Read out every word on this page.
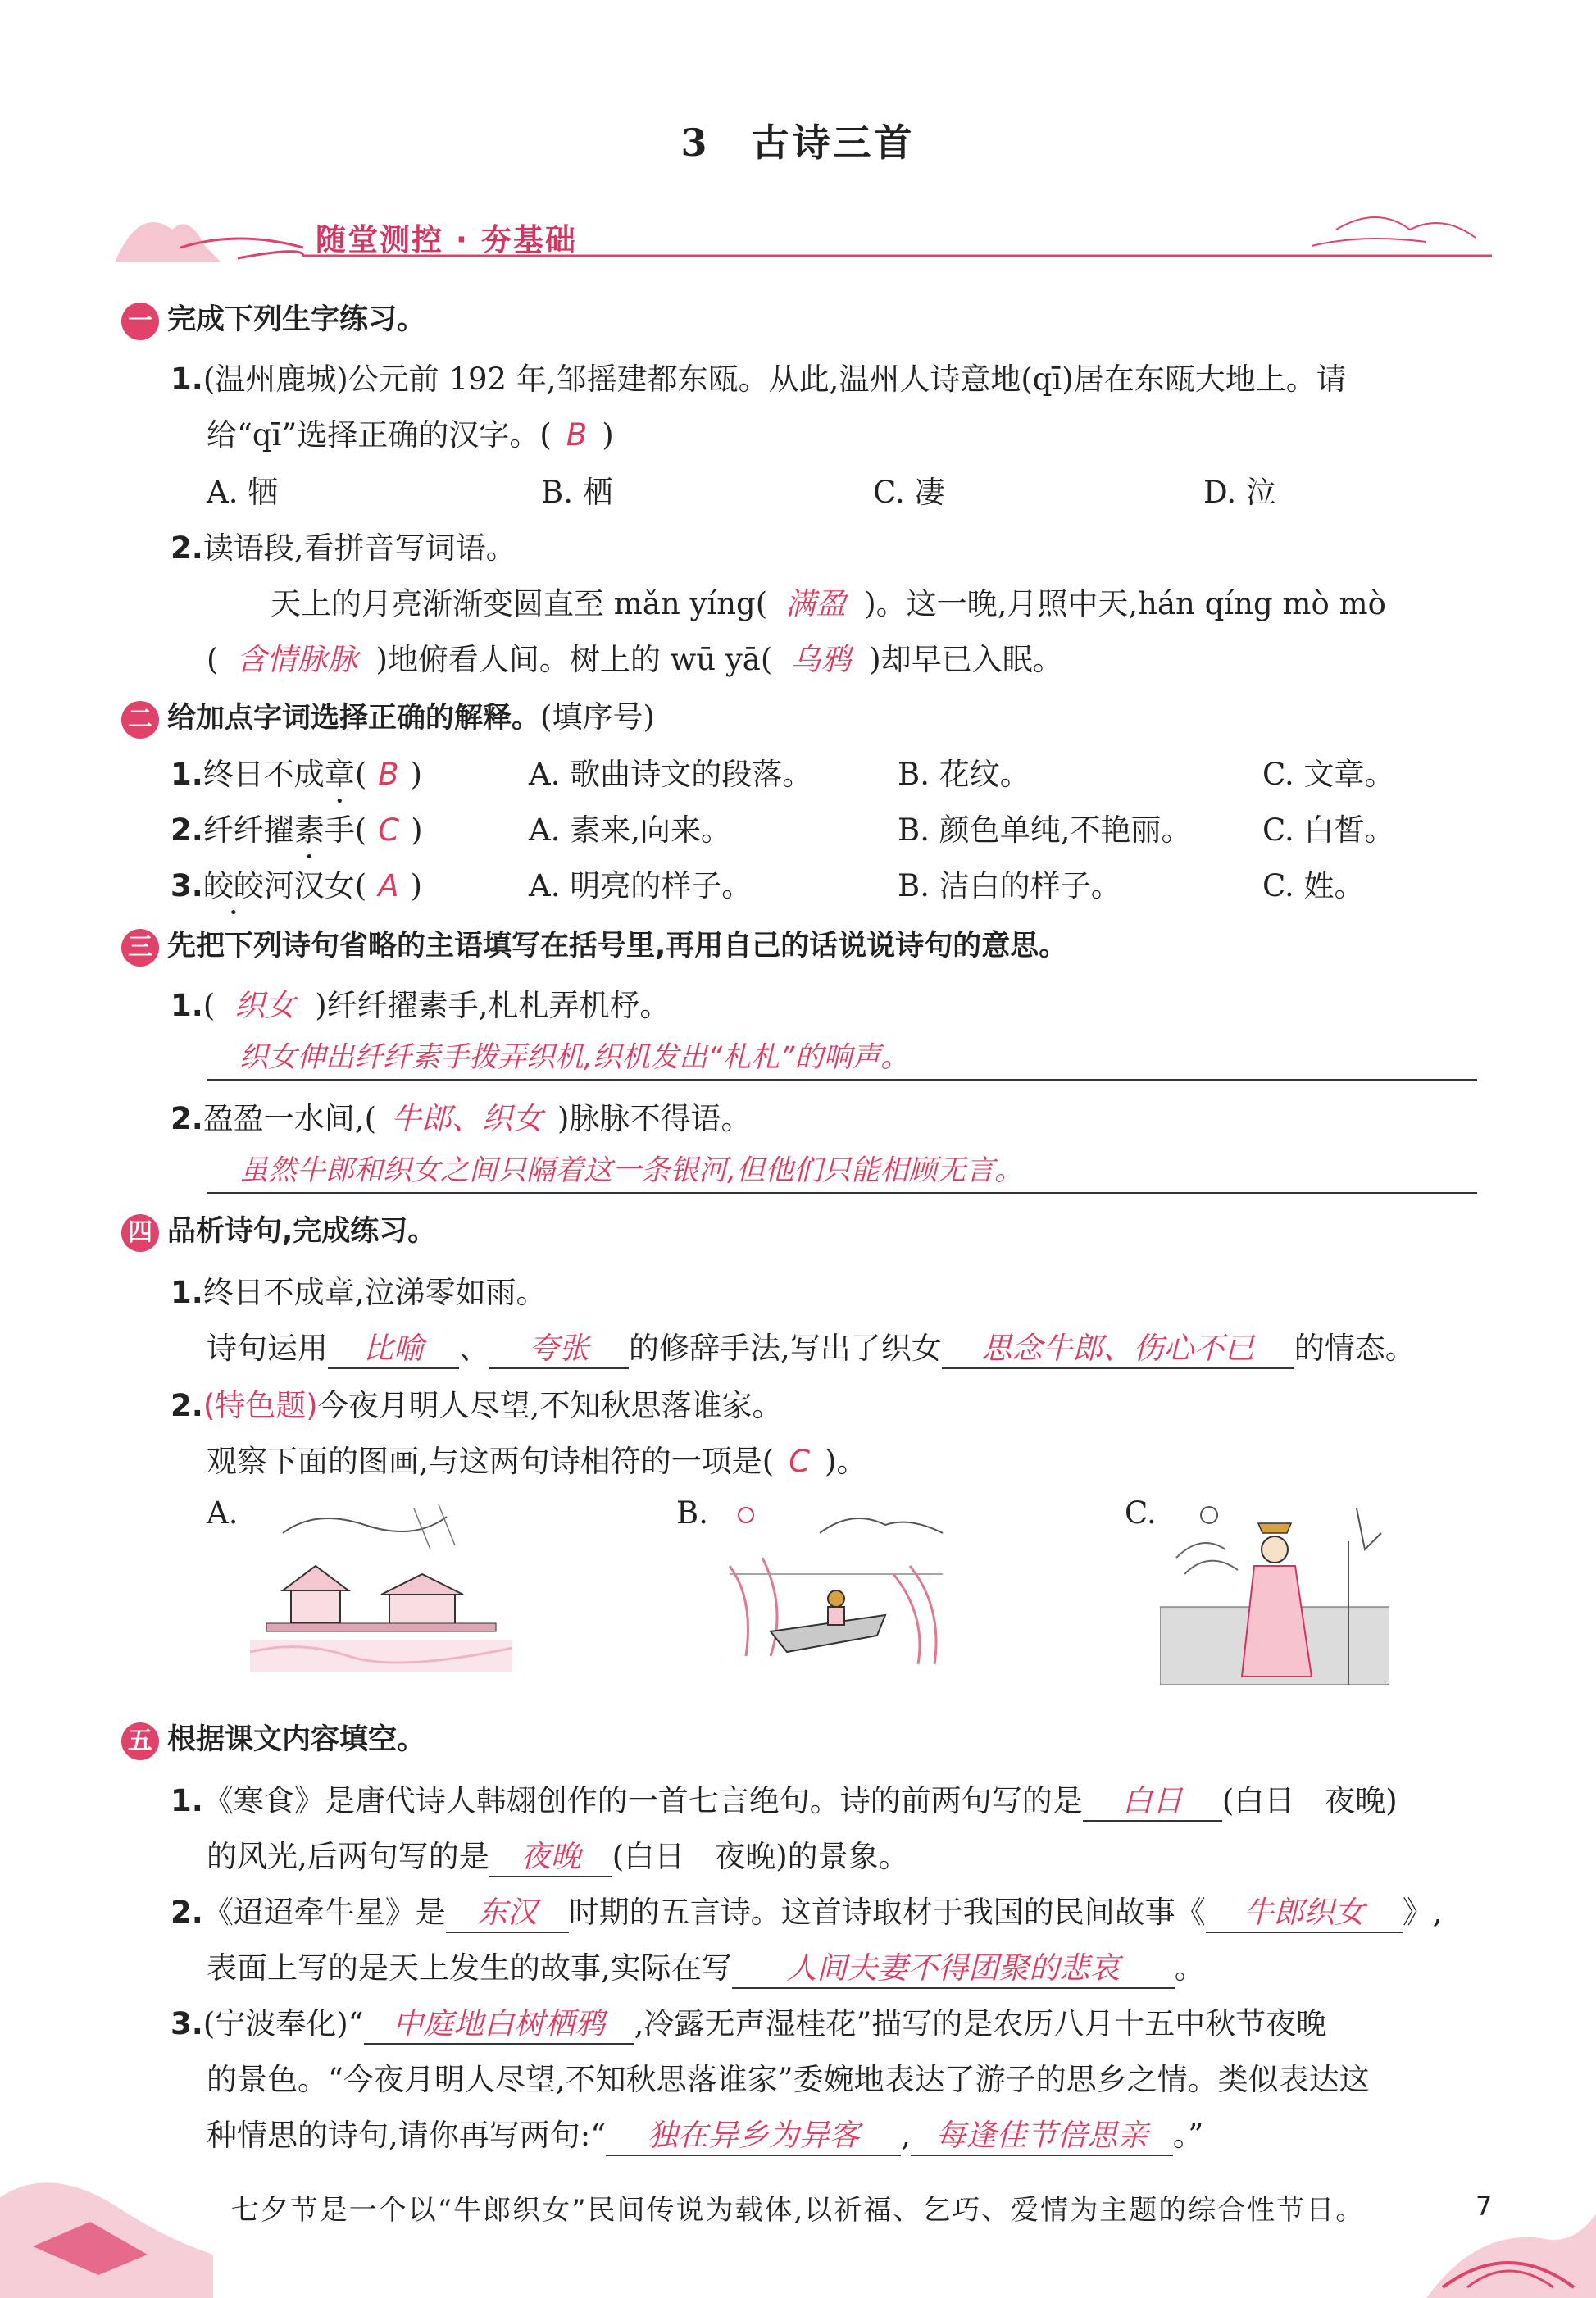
3　古诗三首
随堂测控 · 夯基础
一 完成下列生字练习。
1.(温州鹿城)公元前 192 年,邹摇建都东瓯。从此,温州人诗意地(qī)居在东瓯大地上。请
给“qī”选择正确的汉字。( B )
A. 牺	B. 栖	C. 凄	D. 泣
2.读语段,看拼音写词语。
天上的月亮渐渐变圆直至 mǎn yíng( 满盈 )。这一晚,月照中天,hán qíng mò mò
( 含情脉脉 )地俯看人间。树上的 wū yā( 乌鸦 )却早已入眠。
二 给加点字词选择正确的解释。(填序号)
1.终日不成章( B )	A. 歌曲诗文的段落。	B. 花纹。	C. 文章。
2.纤纤擢素手( C )	A. 素来,向来。	B. 颜色单纯,不艳丽。 C. 白皙。
3.皎皎河汉女( A )	A. 明亮的样子。	B. 洁白的样子。	C. 姓。
三 先把下列诗句省略的主语填写在括号里,再用自己的话说说诗句的意思。
1.( 织女 )纤纤擢素手,札札弄机杼。
织女伸出纤纤素手拨弄织机,织机发出“札札”的响声。
2.盈盈一水间,( 牛郎、织女 )脉脉不得语。
虽然牛郎和织女之间只隔着这一条银河,但他们只能相顾无言。
四 品析诗句,完成练习。
1.终日不成章,泣涕零如雨。
诗句运用 比喻 、 夸张 的修辞手法,写出了织女 思念牛郎、伤心不已 的情态。
2.(特色题)今夜月明人尽望,不知秋思落谁家。
观察下面的图画,与这两句诗相符的一项是( C )。
A.	B.	C.
五 根据课文内容填空。
1.《寒食》是唐代诗人韩翃创作的一首七言绝句。诗的前两句写的是 白日 (白日　夜晚)
的风光,后两句写的是 夜晚 (白日　夜晚)的景象。
2.《迢迢牵牛星》是 东汉 时期的五言诗。这首诗取材于我国的民间故事《 牛郎织女 》,
表面上写的是天上发生的故事,实际在写 人间夫妻不得团聚的悲哀 。
3.(宁波奉化)“ 中庭地白树栖鸦 ,冷露无声湿桂花”描写的是农历八月十五中秋节夜晚
的景色。“今夜月明人尽望,不知秋思落谁家”委婉地表达了游子的思乡之情。类似表达这
种情思的诗句,请你再写两句:“ 独在异乡为异客 , 每逢佳节倍思亲 。”
七夕节是一个以“牛郎织女”民间传说为载体,以祈福、乞巧、爱情为主题的综合性节日。	7
